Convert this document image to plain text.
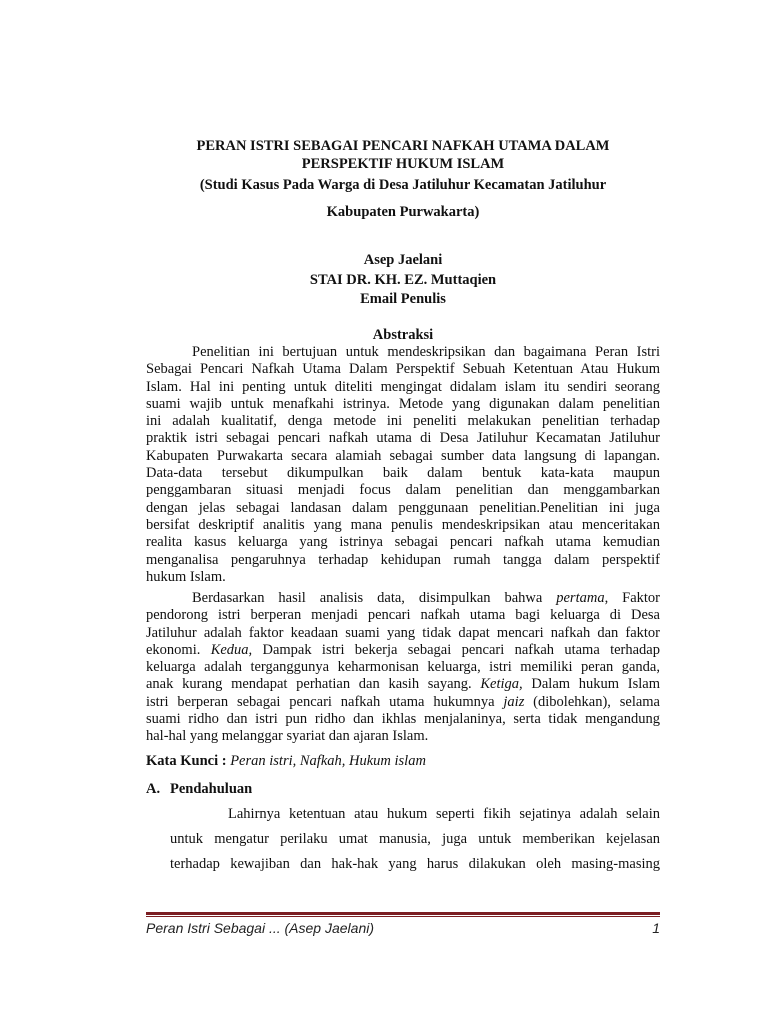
PERAN ISTRI SEBAGAI PENCARI NAFKAH UTAMA DALAM
PERSPEKTIF HUKUM ISLAM
(Studi Kasus Pada Warga di Desa Jatiluhur Kecamatan Jatiluhur
Kabupaten Purwakarta)
Asep Jaelani
STAI DR. KH. EZ. Muttaqien
Email Penulis
Abstraksi
Penelitian ini bertujuan untuk mendeskripsikan dan bagaimana Peran Istri
Sebagai Pencari Nafkah Utama Dalam Perspektif Sebuah Ketentuan Atau Hukum
Islam. Hal ini penting untuk diteliti mengingat didalam islam itu sendiri seorang
suami wajib untuk menafkahi istrinya. Metode yang digunakan dalam penelitian
ini adalah kualitatif, denga metode ini peneliti melakukan penelitian terhadap
praktik istri sebagai pencari nafkah utama di Desa Jatiluhur Kecamatan Jatiluhur
Kabupaten Purwakarta secara alamiah sebagai sumber data langsung di lapangan.
Data-data tersebut dikumpulkan baik dalam bentuk kata-kata maupun
penggambaran situasi menjadi focus dalam penelitian dan menggambarkan
dengan jelas sebagai landasan dalam penggunaan penelitian.Penelitian ini juga
bersifat deskriptif analitis yang mana penulis mendeskripsikan atau menceritakan
realita kasus keluarga yang istrinya sebagai pencari nafkah utama kemudian
menganalisa pengaruhnya terhadap kehidupan rumah tangga dalam perspektif
hukum Islam.
Berdasarkan hasil analisis data, disimpulkan bahwa pertama, Faktor
pendorong istri berperan menjadi pencari nafkah utama bagi keluarga di Desa
Jatiluhur adalah faktor keadaan suami yang tidak dapat mencari nafkah dan faktor
ekonomi. Kedua, Dampak istri bekerja sebagai pencari nafkah utama terhadap
keluarga adalah terganggunya keharmonisan keluarga, istri memiliki peran ganda,
anak kurang mendapat perhatian dan kasih sayang. Ketiga, Dalam hukum Islam
istri berperan sebagai pencari nafkah utama hukumnya jaiz (dibolehkan), selama
suami ridho dan istri pun ridho dan ikhlas menjalaninya, serta tidak mengandung
hal-hal yang melanggar syariat dan ajaran Islam.
Kata Kunci : Peran istri, Nafkah, Hukum islam
A. Pendahuluan
Lahirnya ketentuan atau hukum seperti fikih sejatinya adalah selain
untuk mengatur perilaku umat manusia, juga untuk memberikan kejelasan
terhadap kewajiban dan hak-hak yang harus dilakukan oleh masing-masing
Peran Istri Sebagai ... (Asep Jaelani)	1
